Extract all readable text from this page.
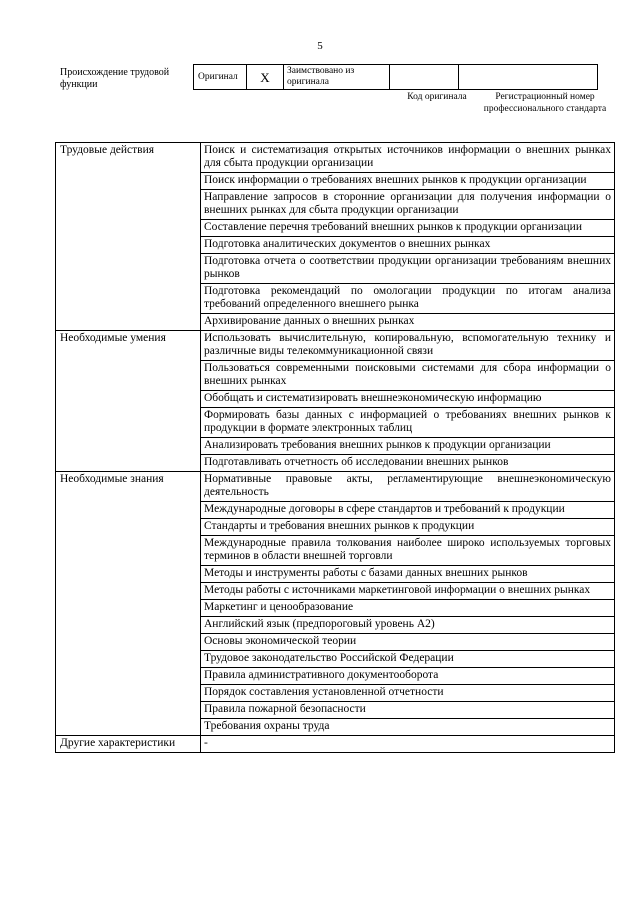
5
Происхождение трудовой функции
Оригинал	X	Заимствовано из оригинала		
Код оригинала	Регистрационный номер профессионального стандарта
Трудовые действия	Поиск и систематизация открытых источников информации о внешних рынках для сбыта продукции организации
	Поиск информации о требованиях внешних рынков к продукции организации
	Направление запросов в сторонние организации для получения информации о внешних рынках для сбыта продукции организации
	Составление перечня требований внешних рынков к продукции организации
	Подготовка аналитических документов о внешних рынках
	Подготовка отчета о соответствии продукции организации требованиям внешних рынков
	Подготовка рекомендаций по омологации продукции по итогам анализа требований определенного внешнего рынка
	Архивирование данных о внешних рынках
Необходимые умения	Использовать вычислительную, копировальную, вспомогательную технику и различные виды телекоммуникационной связи
	Пользоваться современными поисковыми системами для сбора информации о внешних рынках
	Обобщать и систематизировать внешнеэкономическую информацию
	Формировать базы данных с информацией о требованиях внешних рынков к продукции в формате электронных таблиц
	Анализировать требования внешних рынков к продукции организации
	Подготавливать отчетность об исследовании внешних рынков
Необходимые знания	Нормативные правовые акты, регламентирующие внешнеэкономическую деятельность
	Международные договоры в сфере стандартов и требований к продукции
	Стандарты и требования внешних рынков к продукции
	Международные правила толкования наиболее широко используемых торговых терминов в области внешней торговли
	Методы и инструменты работы с базами данных внешних рынков
	Методы работы с источниками маркетинговой информации о внешних рынках
	Маркетинг и ценообразование
	Английский язык (предпороговый уровень А2)
	Основы экономической теории
	Трудовое законодательство Российской Федерации
	Правила административного документооборота
	Порядок составления установленной отчетности
	Правила пожарной безопасности
	Требования охраны труда
Другие характеристики	-
